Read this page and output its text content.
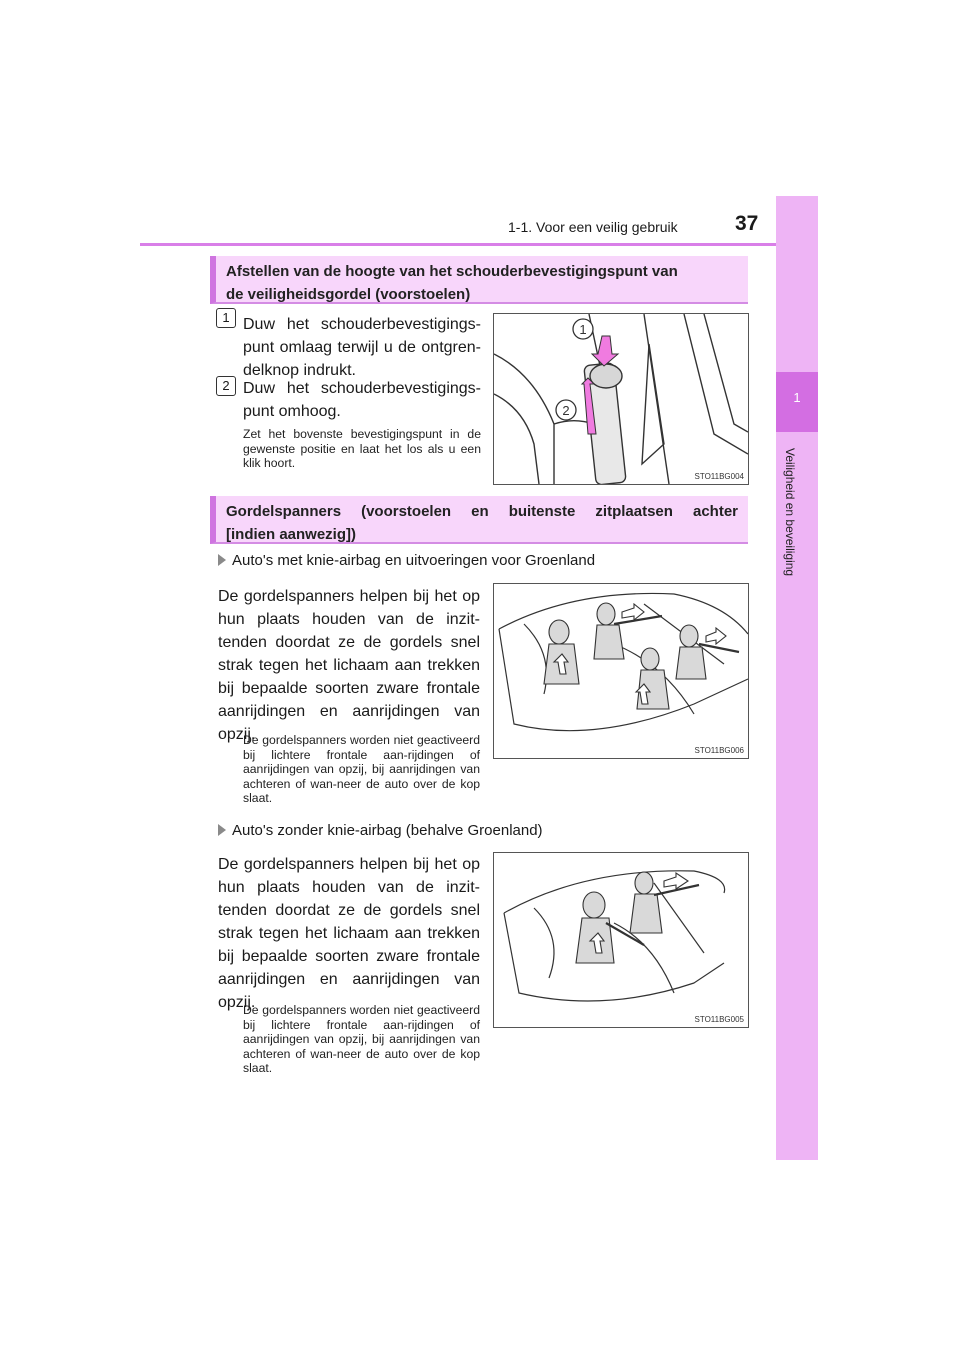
1-1. Voor een veilig gebruik	37
1
Veiligheid en beveiliging
Afstellen van de hoogte van het schouderbevestigingspunt van
de veiligheidsgordel (voorstoelen)
1 Duw het schouderbevestigings-punt omlaag terwijl u de ontgren-delknop indrukt.
2 Duw het schouderbevestigings-punt omhoog.
Zet het bovenste bevestigingspunt in de gewenste positie en laat het los als u een klik hoort.
1
2
STO11BG004
Gordelspanners (voorstoelen en buitenste zitplaatsen achter
[indien aanwezig])
Auto's met knie-airbag en uitvoeringen voor Groenland
De gordelspanners helpen bij het op hun plaats houden van de inzit-tenden doordat ze de gordels snel strak tegen het lichaam aan trekken bij bepaalde soorten zware frontale aanrijdingen en aanrijdingen van opzij.
De gordelspanners worden niet geactiveerd bij lichtere frontale aan-rijdingen of aanrijdingen van opzij, bij aanrijdingen van achteren of wan-neer de auto over de kop slaat.
STO11BG006
Auto's zonder knie-airbag (behalve Groenland)
De gordelspanners helpen bij het op hun plaats houden van de inzit-tenden doordat ze de gordels snel strak tegen het lichaam aan trekken bij bepaalde soorten zware frontale aanrijdingen en aanrijdingen van opzij.
De gordelspanners worden niet geactiveerd bij lichtere frontale aan-rijdingen of aanrijdingen van opzij, bij aanrijdingen van achteren of wan-neer de auto over de kop slaat.
STO11BG005
